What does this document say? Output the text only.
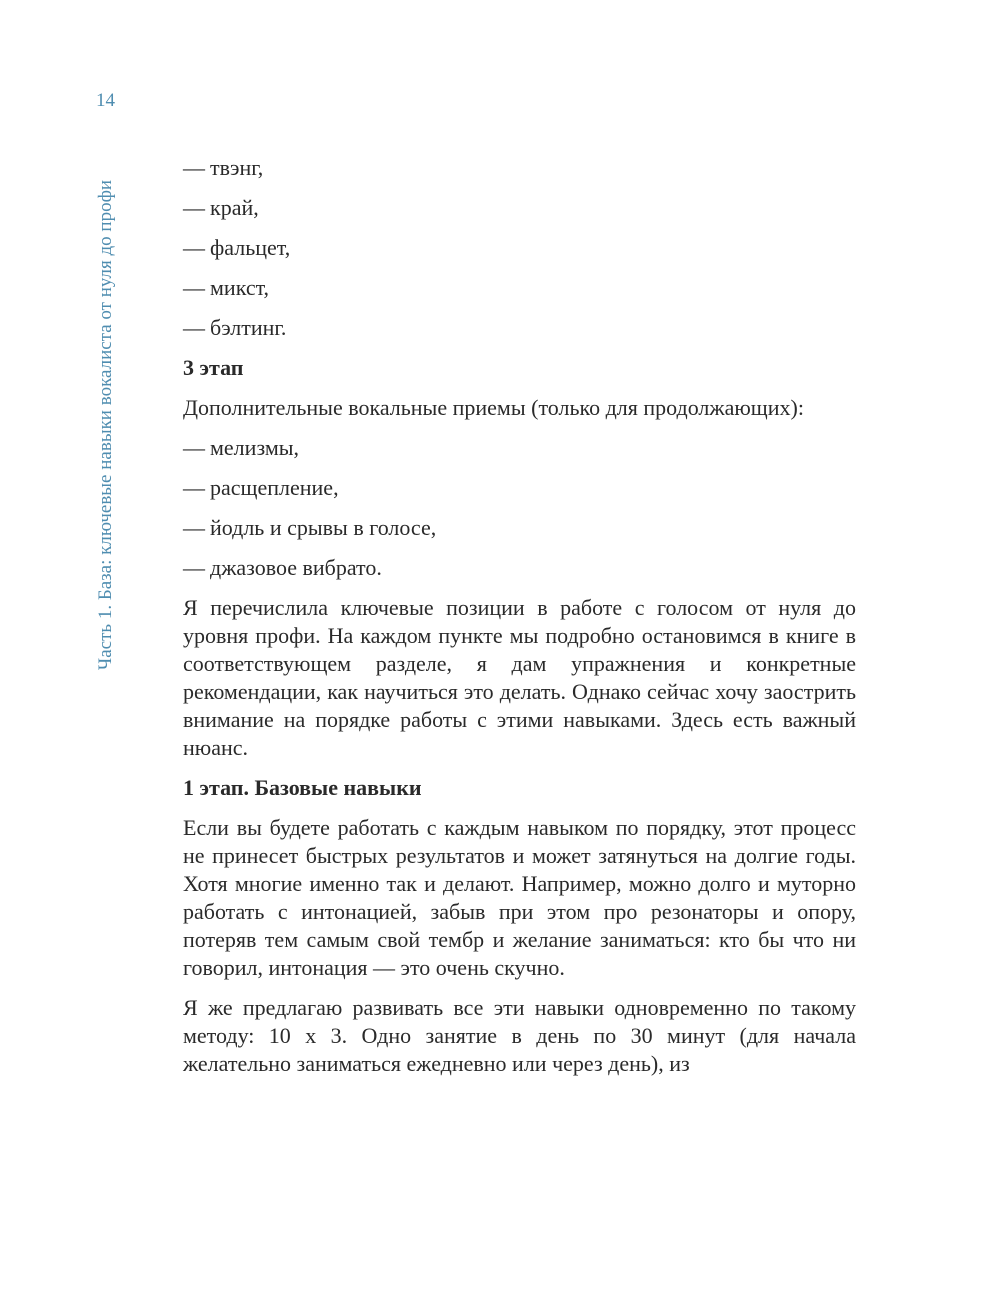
14
Часть 1. База: ключевые навыки вокалиста от нуля до профи
— твэнг,
— край,
— фальцет,
— микст,
— бэлтинг.
3 этап
Дополнительные вокальные приемы (только для продолжающих):
— мелизмы,
— расщепление,
— йодль и срывы в голосе,
— джазовое вибрато.

Я перечислила ключевые позиции в работе с голосом от нуля до уровня профи. На каждом пункте мы подробно остановимся в книге в соответствующем разделе, я дам упражнения и конкретные рекомендации, как научиться это делать. Однако сейчас хочу заострить внимание на порядке работы с этими навыками. Здесь есть важный нюанс.

1 этап. Базовые навыки

Если вы будете работать с каждым навыком по порядку, этот процесс не принесет быстрых результатов и может затянуться на долгие годы. Хотя многие именно так и делают. Например, можно долго и муторно работать с интонацией, забыв при этом про резонаторы и опору, потеряв тем самым свой тембр и желание заниматься: кто бы что ни говорил, интонация — это очень скучно.

Я же предлагаю развивать все эти навыки одновременно по такому методу: 10 х 3. Одно занятие в день по 30 минут (для начала желательно заниматься ежедневно или через день), из
